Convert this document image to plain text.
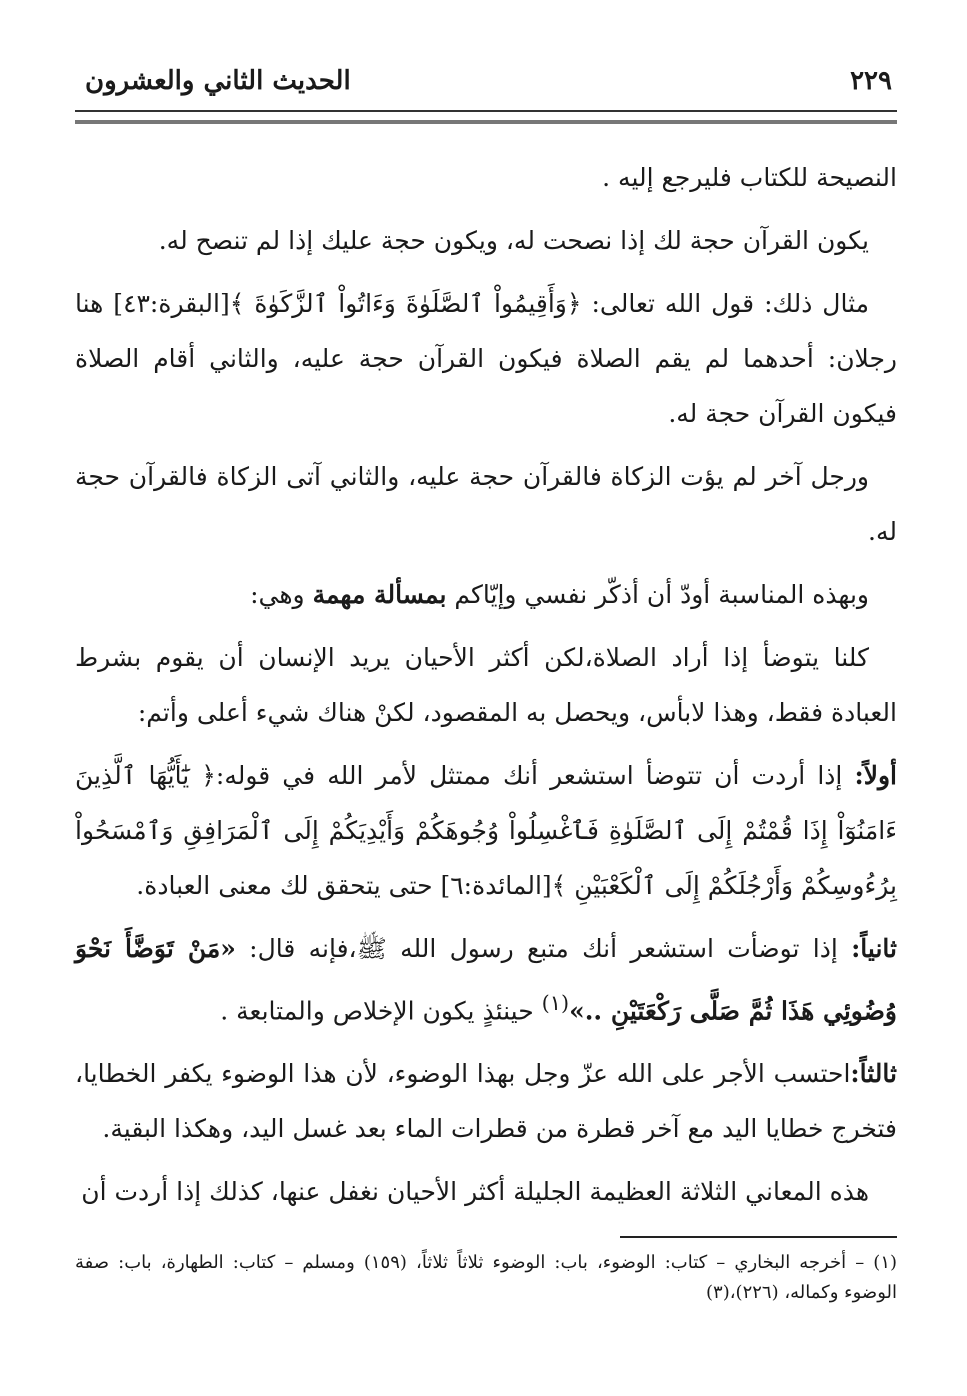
٢٢٩
الحديث الثاني والعشرون

النصيحة للكتاب فليرجع إليه .

يكون القرآن حجة لك إذا نصحت له، ويكون حجة عليك إذا لم تنصح له.

مثال ذلك: قول الله تعالى: ﴿وَأَقِيمُواْ ٱلصَّلَوٰةَ وَءَاتُواْ ٱلزَّكَوٰةَ ﴾[البقرة:٤٣] هنا رجلان: أحدهما لم يقم الصلاة فيكون القرآن حجة عليه، والثاني أقام الصلاة فيكون القرآن حجة له.

ورجل آخر لم يؤت الزكاة فالقرآن حجة عليه، والثاني آتى الزكاة فالقرآن حجة له.

وبهذه المناسبة أودّ أن أذكّر نفسي وإيّاكم بمسألة مهمة وهي:

كلنا يتوضأ إذا أراد الصلاة،لكن أكثر الأحيان يريد الإنسان أن يقوم بشرط العبادة فقط، وهذا لابأس، ويحصل به المقصود، لكنْ هناك شيء أعلى وأتم:

أولاً: إذا أردت أن تتوضأ استشعر أنك ممتثل لأمر الله في قوله:﴿ يَٰٓأَيُّهَا ٱلَّذِينَ ءَامَنُوٓاْ إِذَا قُمْتُمْ إِلَى ٱلصَّلَوٰةِ فَٱغْسِلُواْ وُجُوهَكُمْ وَأَيْدِيَكُمْ إِلَى ٱلْمَرَافِقِ وَٱمْسَحُواْ بِرُءُوسِكُمْ وَأَرْجُلَكُمْ إِلَى ٱلْكَعْبَيْنِ ﴾[المائدة:٦] حتى يتحقق لك معنى العبادة.

ثانياً: إذا توضأت استشعر أنك متبع رسول الله ﷺ،فإنه قال: «مَنْ تَوَضَّأَ نَحْوَ وُضُوئِي هَذَا ثُمَّ صَلَّى رَكْعَتَيْنِ ..»$^{(١)}$ حينئذٍ يكون الإخلاص والمتابعة .

ثالثاً:احتسب الأجر على الله عزّ وجل بهذا الوضوء، لأن هذا الوضوء يكفر الخطايا، فتخرج خطايا اليد مع آخر قطرة من قطرات الماء بعد غسل اليد، وهكذا البقية.

هذه المعاني الثلاثة العظيمة الجليلة أكثر الأحيان نغفل عنها، كذلك إذا أردت أن

(١) – أخرجه البخاري – كتاب: الوضوء، باب: الوضوء ثلاثاً ثلاثاً، (١٥٩) ومسلم – كتاب: الطهارة، باب: صفة الوضوء وكماله، (٢٢٦)،(٣)
